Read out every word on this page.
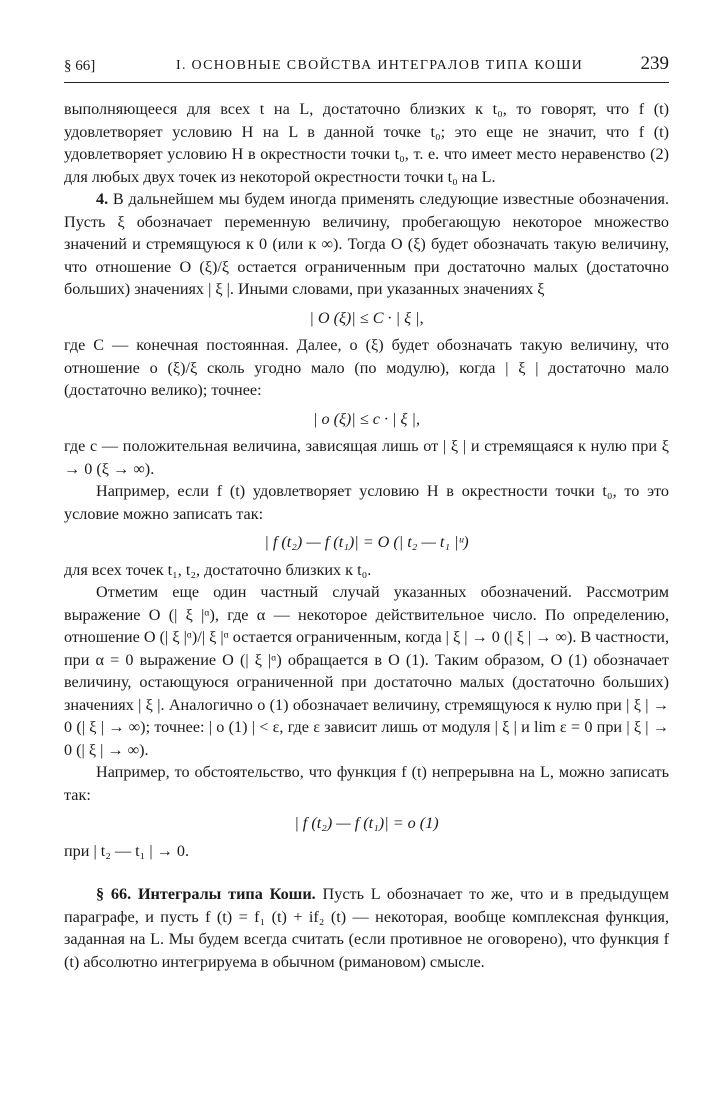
§ 66]	I. ОСНОВНЫЕ СВОЙСТВА ИНТЕГРАЛОВ ТИПА КОШИ	239

выполняющееся для всех t на L, достаточно близких к t₀, то говорят, что f (t) удовлетворяет условию H на L в данной точке t₀; это еще не значит, что f (t) удовлетворяет условию H в окрестности точки t₀, т. е. что имеет место неравенство (2) для любых двух точек из некоторой окрестности точки t₀ на L.

4. В дальнейшем мы будем иногда применять следующие известные обозначения. Пусть ξ обозначает переменную величину, пробегающую некоторое множество значений и стремящуюся к 0 (или к ∞). Тогда O (ξ) будет обозначать такую величину, что отношение O (ξ)/ξ остается ограниченным при достаточно малых (достаточно больших) значениях | ξ |. Иными словами, при указанных значениях ξ

| O (ξ)| ≤ C · | ξ |,

где C — конечная постоянная. Далее, o (ξ) будет обозначать такую величину, что отношение o (ξ)/ξ сколь угодно мало (по модулю), когда | ξ | достаточно мало (достаточно велико); точнее:

| o (ξ)| ≤ c · | ξ |,

где c — положительная величина, зависящая лишь от | ξ | и стремящаяся к нулю при ξ → 0 (ξ → ∞).

Например, если f (t) удовлетворяет условию H в окрестности точки t₀, то это условие можно записать так:

| f (t₂) — f (t₁)| = O (| t₂ — t₁ |ᵘ)

для всех точек t₁, t₂, достаточно близких к t₀.

Отметим еще один частный случай указанных обозначений. Рассмотрим выражение O (| ξ |ᵅ), где α — некоторое действительное число. По определению, отношение O (| ξ |ᵅ)/| ξ |ᵅ остается ограниченным, когда | ξ | → 0 (| ξ | → ∞). В частности, при α = 0 выражение O (| ξ |ᵅ) обращается в O (1). Таким образом, O (1) обозначает величину, остающуюся ограниченной при достаточно малых (достаточно больших) значениях | ξ |. Аналогично o (1) обозначает величину, стремящуюся к нулю при | ξ | → 0 (| ξ | → ∞); точнее: | o (1) | < ε, где ε зависит лишь от модуля | ξ | и lim ε = 0 при | ξ | → 0 (| ξ | → ∞).

Например, то обстоятельство, что функция f (t) непрерывна на L, можно записать так:

| f (t₂) — f (t₁)| = o (1)

при | t₂ — t₁ | → 0.

§ 66. Интегралы типа Коши. Пусть L обозначает то же, что и в предыдущем параграфе, и пусть f (t) = f₁ (t) + if₂ (t) — некоторая, вообще комплексная функция, заданная на L. Мы будем всегда считать (если противное не оговорено), что функция f (t) абсолютно интегрируема в обычном (римановом) смысле.
